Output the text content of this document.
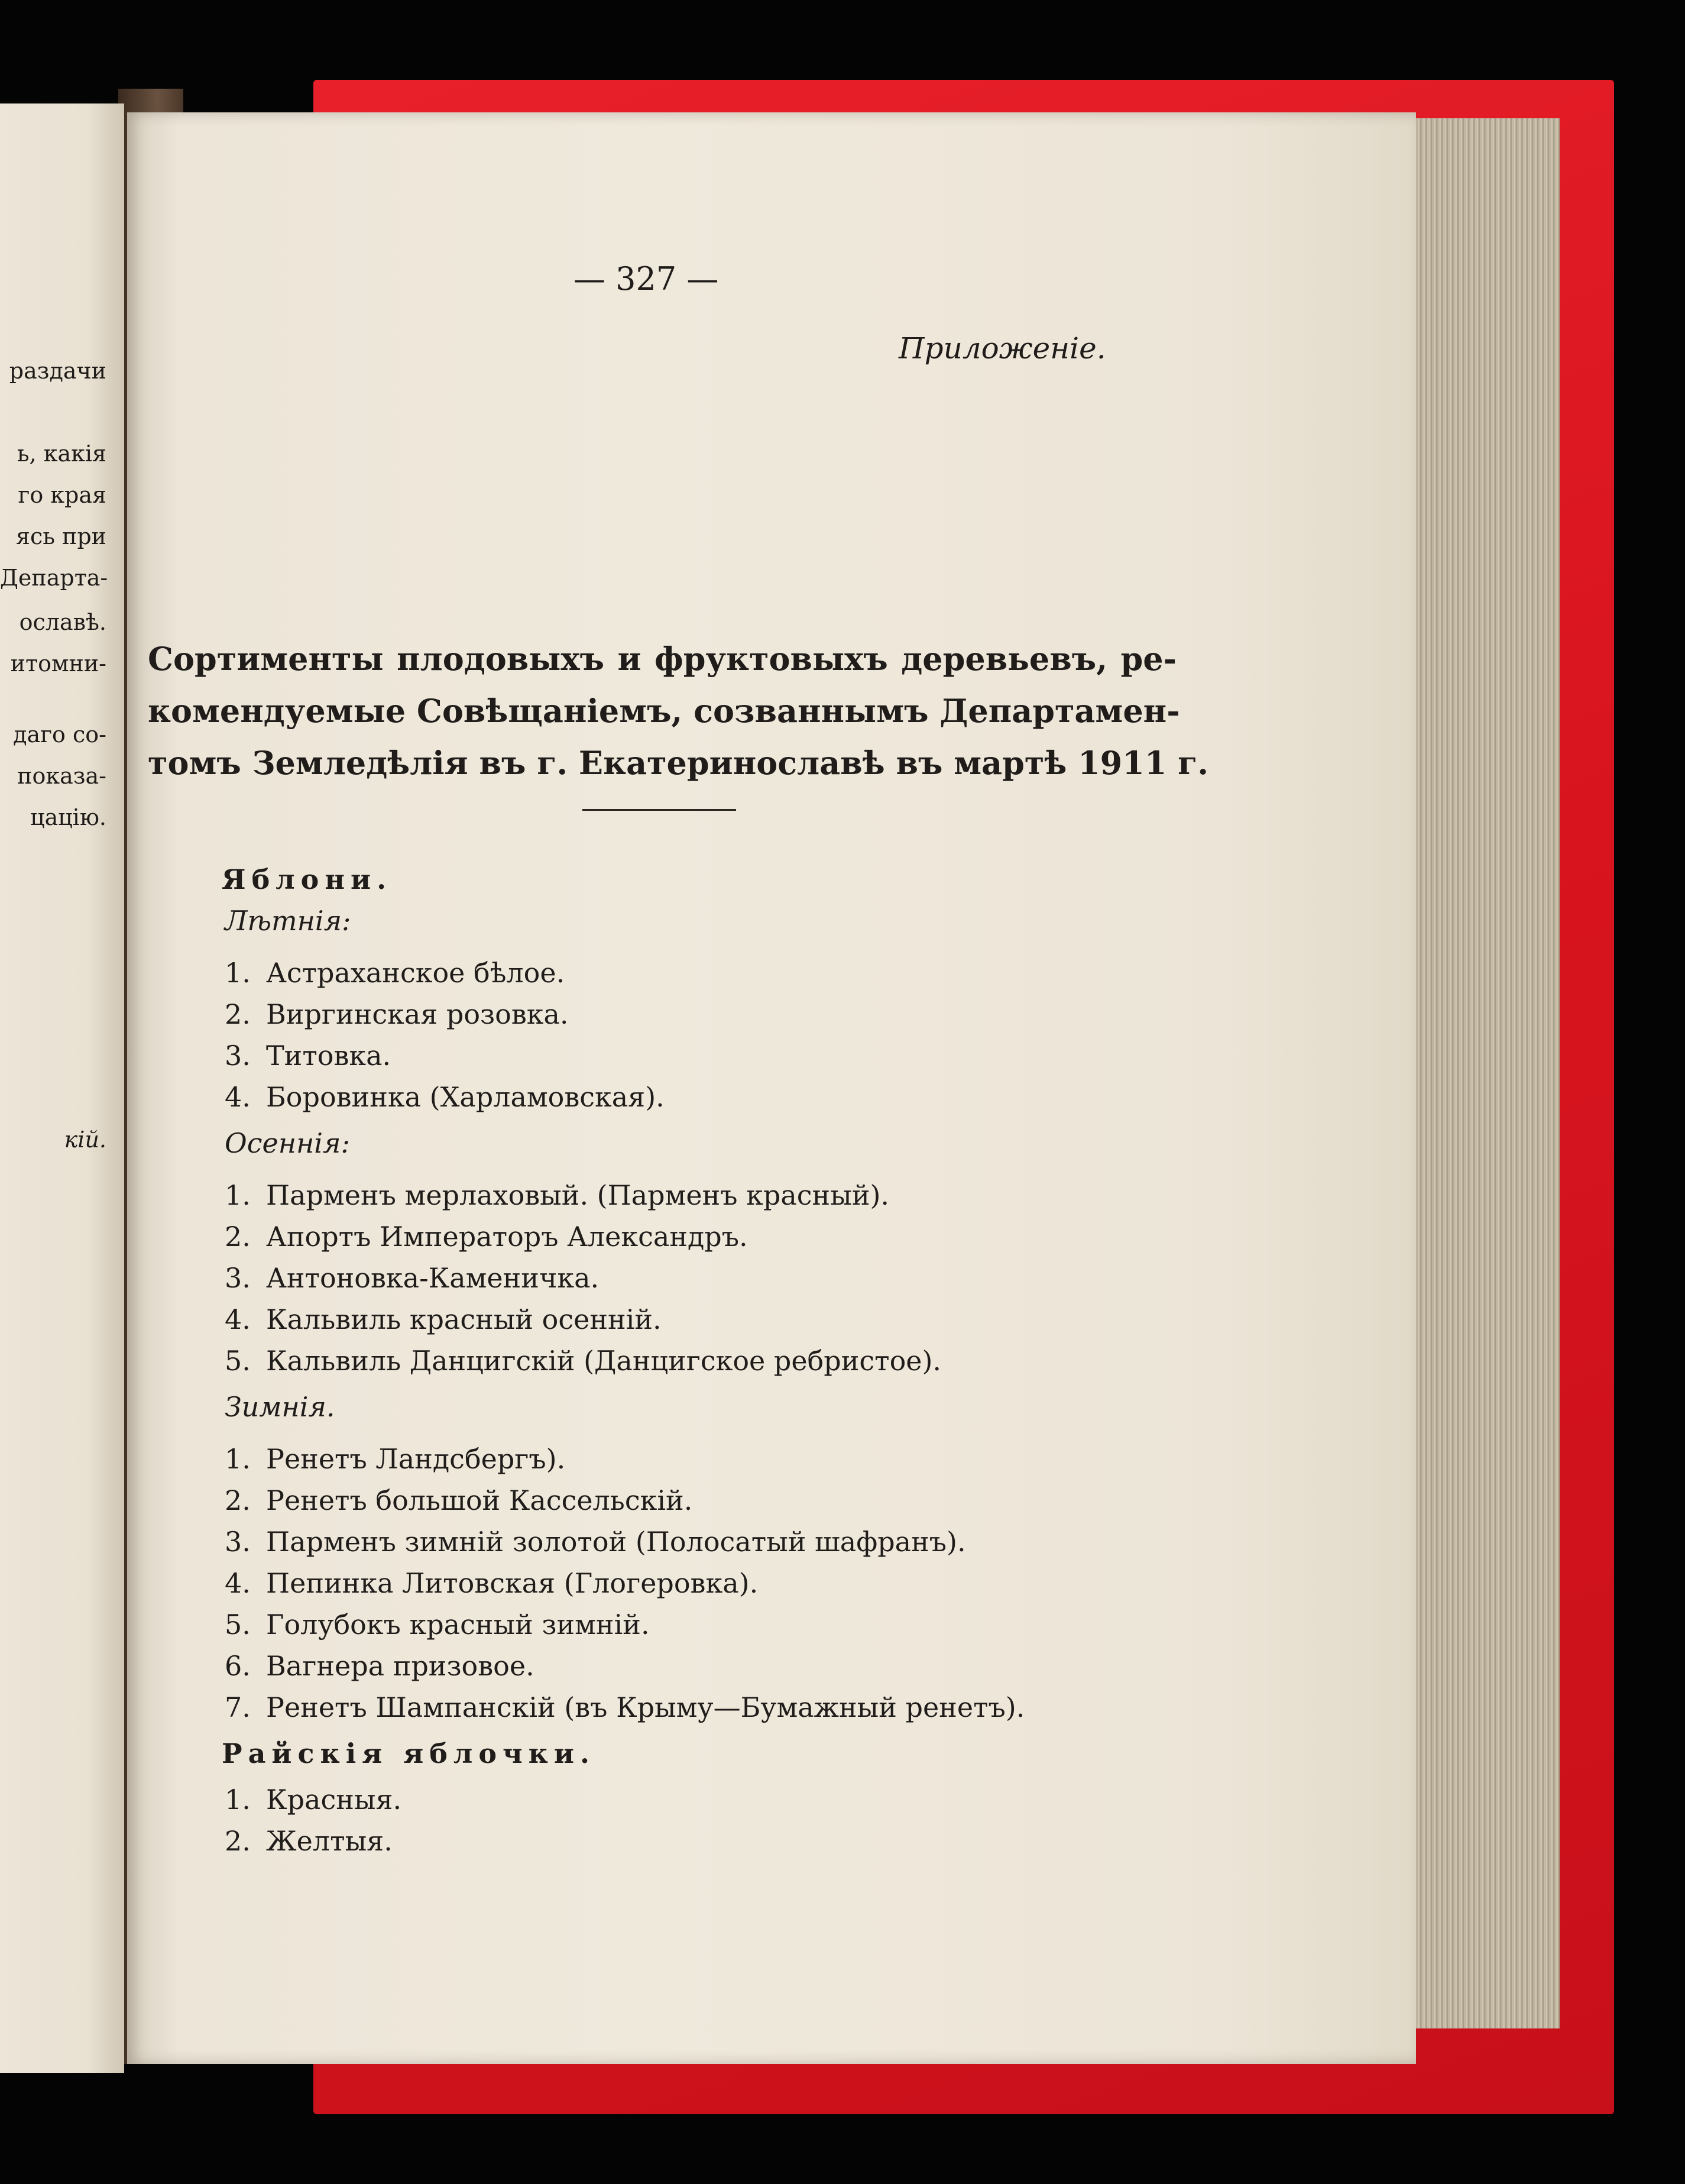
раздачи
ь, какія
го края
ясь при
Департа-
ославѣ.
итомни-
даго со-
показа-
цацію.
кій.
— 327 —
Приложеніе.
Сортименты плодовыхъ и фруктовыхъ деревьевъ, ре-
комендуемые Совѣщаніемъ, созваннымъ Департамен-
томъ Земледѣлія въ г. Екатеринославѣ въ мартѣ 1911 г.
Яблони.
Лѣтнія:
1. Астраханское бѣлое.
2. Виргинская розовка.
3. Титовка.
4. Боровинка (Харламовская).
Осеннія:
1. Парменъ мерлаховый. (Парменъ красный).
2. Апортъ Императоръ Александръ.
3. Антоновка-Каменичка.
4. Кальвиль красный осенній.
5. Кальвиль Данцигскій (Данцигское ребристое).
Зимнія.
1. Ренетъ Ландсбергъ).
2. Ренетъ большой Кассельскій.
3. Парменъ зимній золотой (Полосатый шафранъ).
4. Пепинка Литовская (Глогеровка).
5. Голубокъ красный зимній.
6. Вагнера призовое.
7. Ренетъ Шампанскій (въ Крыму—Бумажный ренетъ).
Райскія яблочки.
1. Красныя.
2. Желтыя.
